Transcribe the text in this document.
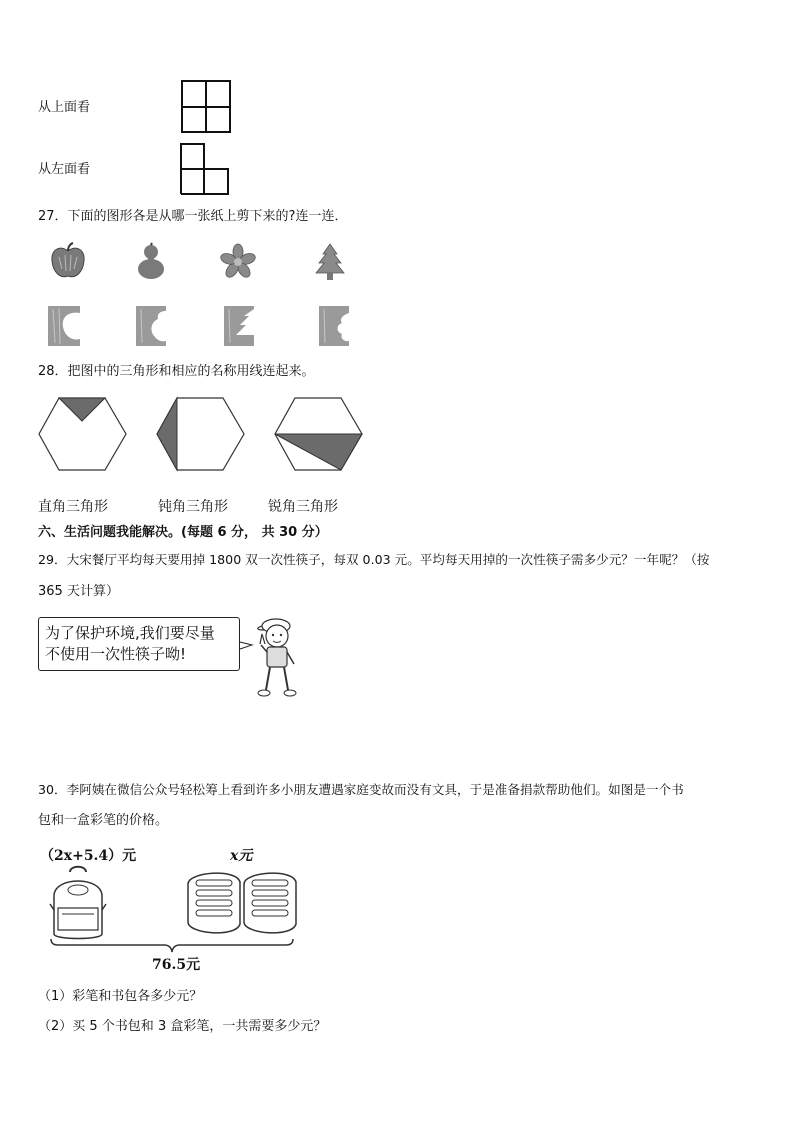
从上面看
从左面看
27．下面的图形各是从哪一张纸上剪下来的?连一连．
28．把图中的三角形和相应的名称用线连起来。
直角三角形	钝角三角形	锐角三角形
六、生活问题我能解决。(每题 6 分， 共 30 分）
29．大宋餐厅平均每天要用掉 1800 双一次性筷子，每双 0.03 元。平均每天用掉的一次性筷子需多少元？一年呢？（按
365 天计算）
为了保护环境,我们要尽量
不使用一次性筷子呦!
30．李阿姨在微信公众号轻松筹上看到许多小朋友遭遇家庭变故而没有文具，于是准备捐款帮助他们。如图是一个书
包和一盒彩笔的价格。
（2x+5.4）元	x元
76.5元
（1）彩笔和书包各多少元？
（2）买 5 个书包和 3 盒彩笔，一共需要多少元？
